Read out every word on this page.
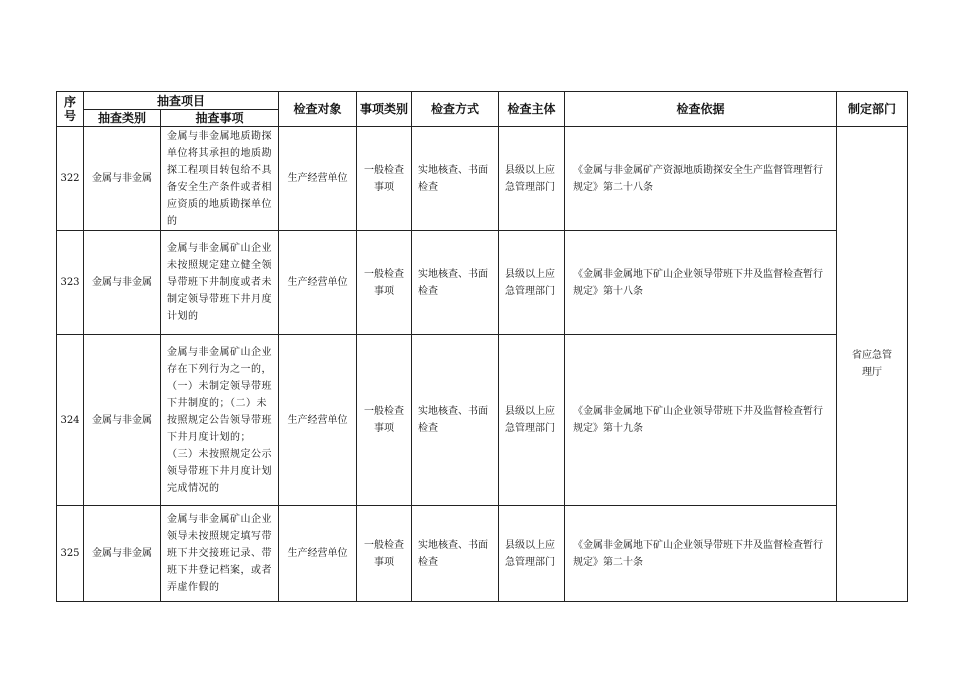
序号	抽查项目		检查对象	事项类别	检查方式	检查主体	检查依据	制定部门
	抽查类别	抽查事项						
322	金属与非金属	金属与非金属地质勘探单位将其承担的地质勘探工程项目转包给不具备安全生产条件或者相应资质的地质勘探单位的	生产经营单位	一般检查事项	实地核查、书面检查	县级以上应急管理部门	《金属与非金属矿产资源地质勘探安全生产监督管理暂行规定》第二十八条	省应急管理厅
323	金属与非金属	金属与非金属矿山企业未按照规定建立健全领导带班下井制度或者未制定领导带班下井月度计划的	生产经营单位	一般检查事项	实地核查、书面检查	县级以上应急管理部门	《金属非金属地下矿山企业领导带班下井及监督检查暂行规定》第十八条	
324	金属与非金属	金属与非金属矿山企业存在下列行为之一的，（一）未制定领导带班下井制度的；（二）未按照规定公告领导带班下井月度计划的；（三）未按照规定公示领导带班下井月度计划完成情况的	生产经营单位	一般检查事项	实地核查、书面检查	县级以上应急管理部门	《金属非金属地下矿山企业领导带班下井及监督检查暂行规定》第十九条	
325	金属与非金属	金属与非金属矿山企业领导未按照规定填写带班下井交接班记录、带班下井登记档案，或者弄虚作假的	生产经营单位	一般检查事项	实地核查、书面检查	县级以上应急管理部门	《金属非金属地下矿山企业领导带班下井及监督检查暂行规定》第二十条	
